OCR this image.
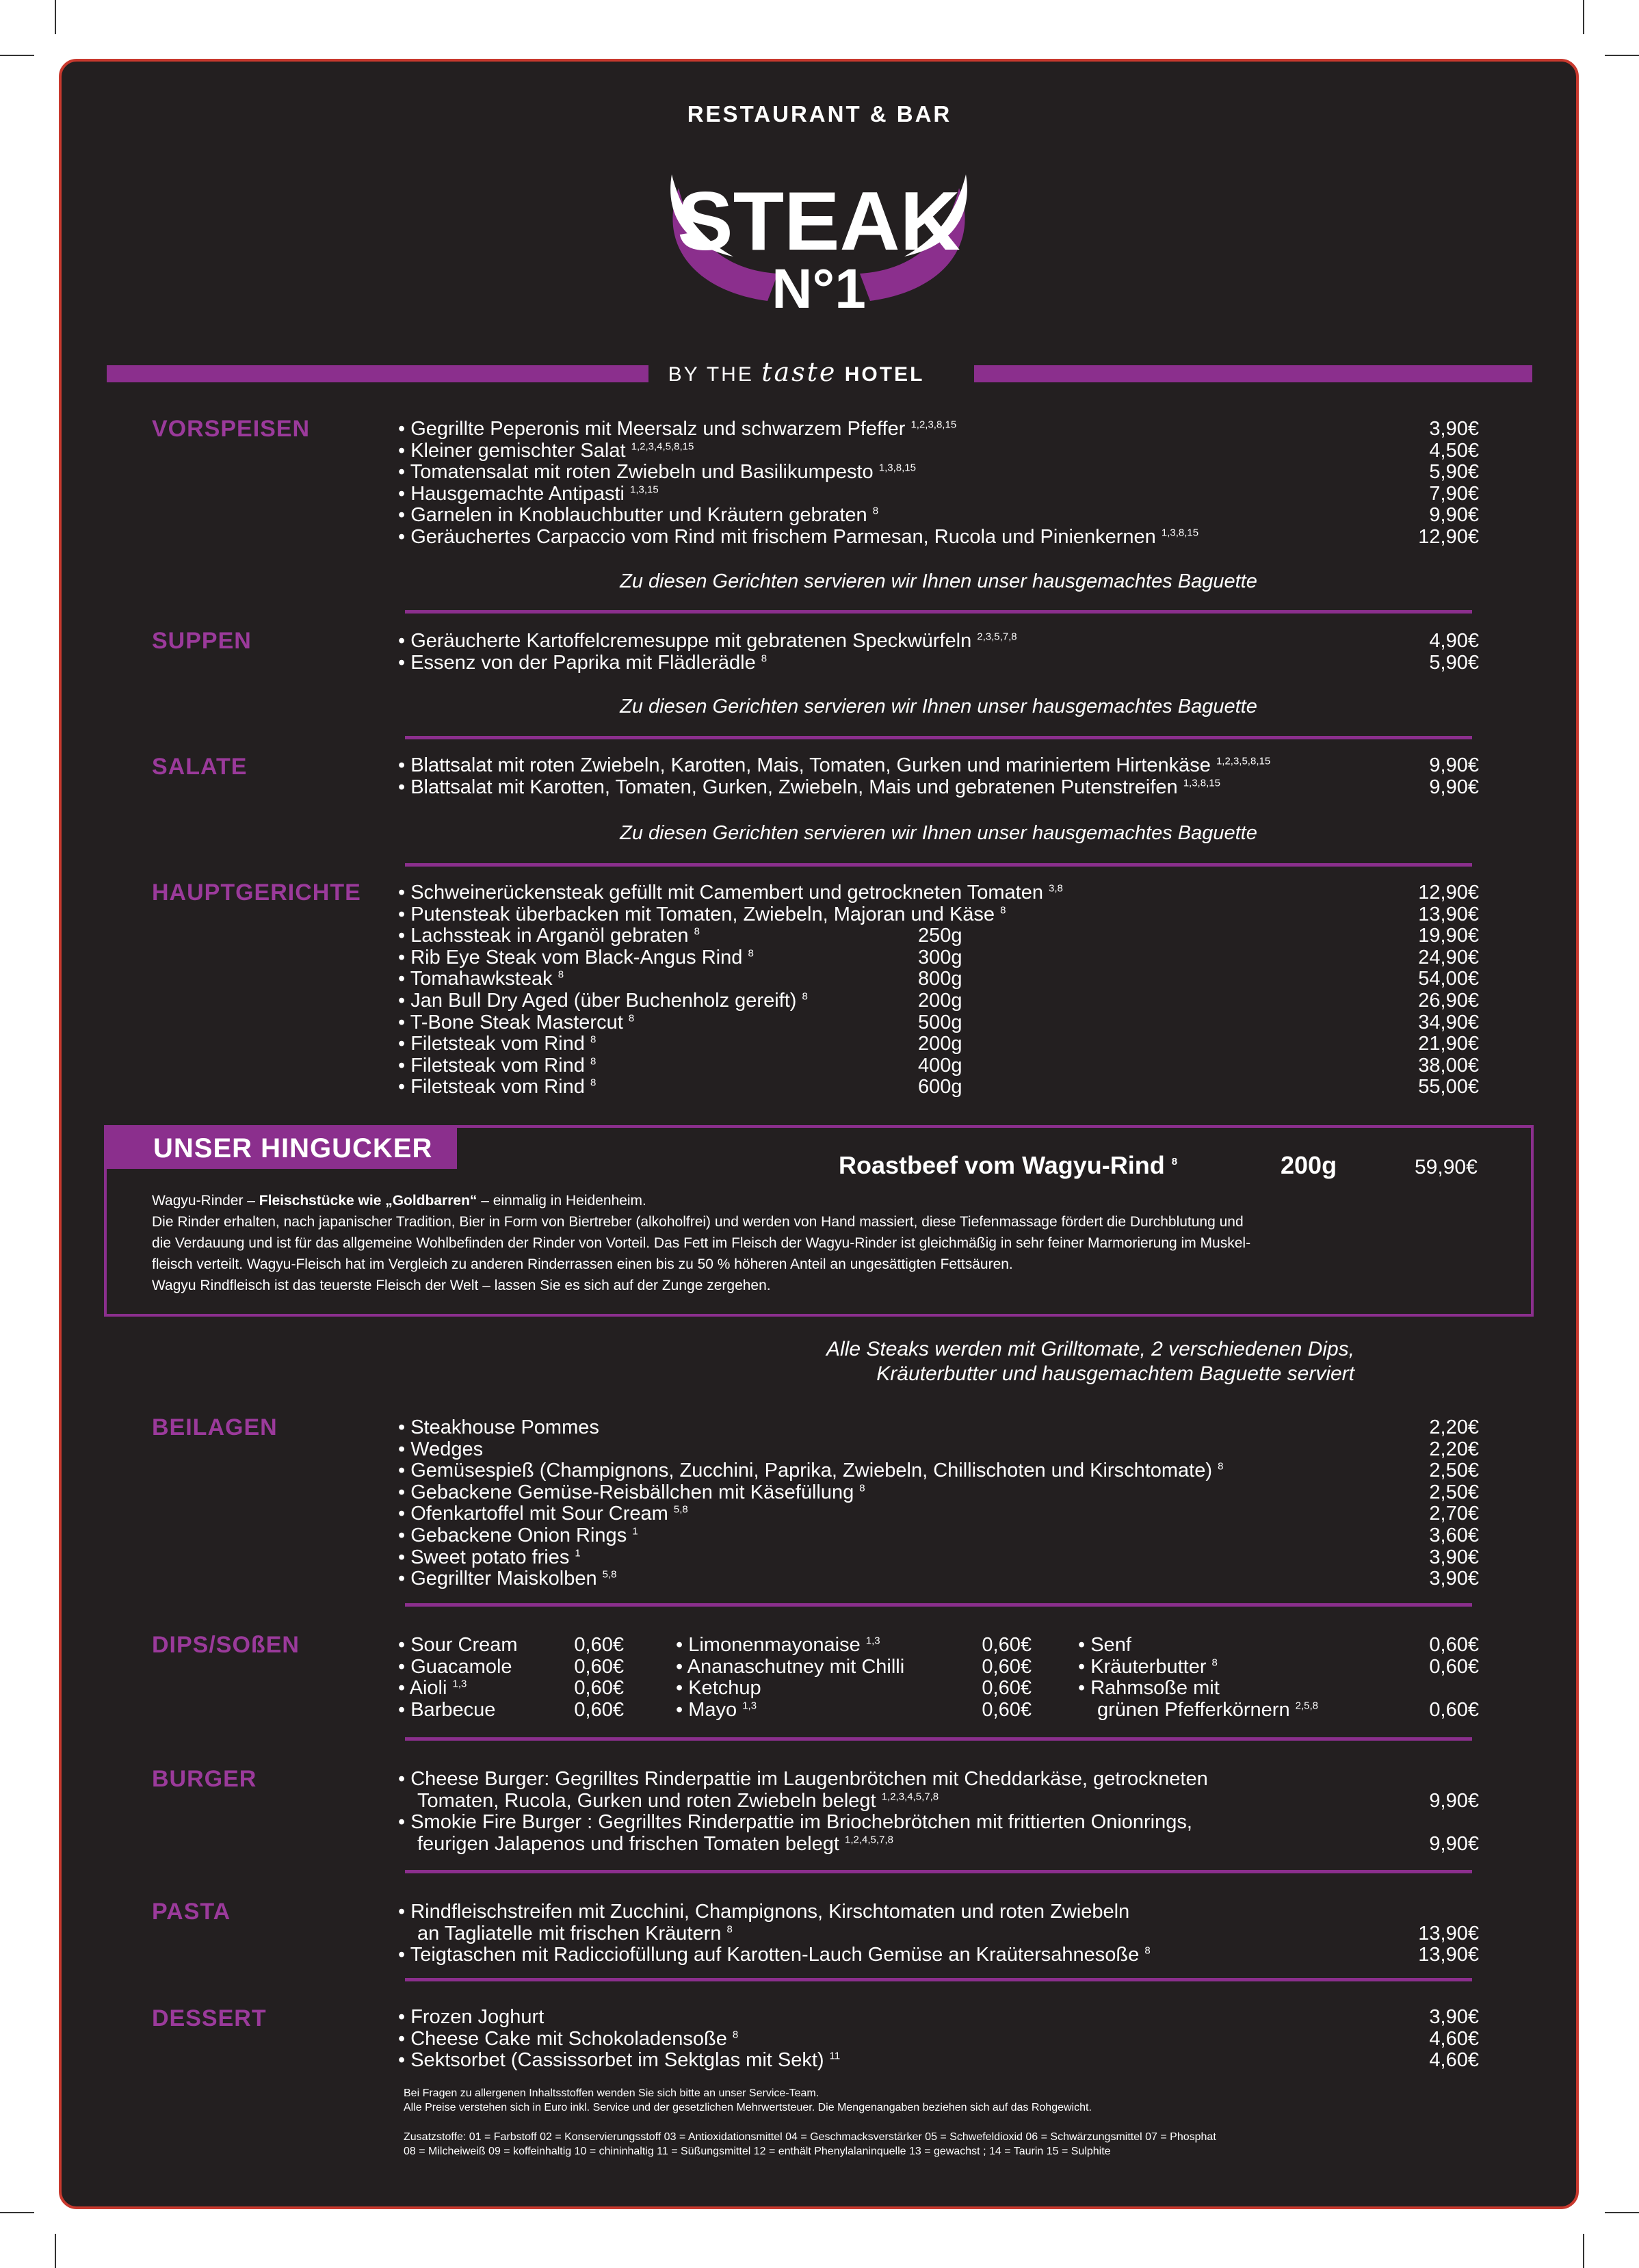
RESTAURANT & BAR
STEAK
N°1
BY THE taste HOTEL
VORSPEISEN	• Gegrillte Peperonis mit Meersalz und schwarzem Pfeffer $^{1,2,3,8,15}$	3,90€
• Kleiner gemischter Salat $^{1,2,3,4,5,8,15}$	4,50€
• Tomatensalat mit roten Zwiebeln und Basilikumpesto $^{1,3,8,15}$	5,90€
• Hausgemachte Antipasti $^{1,3,15}$	7,90€
• Garnelen in Knoblauchbutter und Kräutern gebraten $^8$	9,90€
• Geräuchertes Carpaccio vom Rind mit frischem Parmesan, Rucola und Pinienkernen $^{1,3,8,15}$	12,90€
Zu diesen Gerichten servieren wir Ihnen unser hausgemachtes Baguette
SUPPEN	• Geräucherte Kartoffelcremesuppe mit gebratenen Speckwürfeln $^{2,3,5,7,8}$	4,90€
• Essenz von der Paprika mit Flädlerädle $^8$	5,90€
Zu diesen Gerichten servieren wir Ihnen unser hausgemachtes Baguette
SALATE	• Blattsalat mit roten Zwiebeln, Karotten, Mais, Tomaten, Gurken und mariniertem Hirtenkäse $^{1,2,3,5,8,15}$	9,90€
• Blattsalat mit Karotten, Tomaten, Gurken, Zwiebeln, Mais und gebratenen Putenstreifen $^{1,3,8,15}$	9,90€
Zu diesen Gerichten servieren wir Ihnen unser hausgemachtes Baguette
HAUPTGERICHTE	• Schweinerückensteak gefüllt mit Camembert und getrockneten Tomaten $^{3,8}$	12,90€
• Putensteak überbacken mit Tomaten, Zwiebeln, Majoran und Käse $^8$	13,90€
• Lachssteak in Arganöl gebraten $^8$	250g	19,90€
• Rib Eye Steak vom Black-Angus Rind $^8$	300g	24,90€
• Tomahawksteak $^8$	800g	54,00€
• Jan Bull Dry Aged (über Buchenholz gereift) $^8$	200g	26,90€
• T-Bone Steak Mastercut $^8$	500g	34,90€
• Filetsteak vom Rind $^8$	200g	21,90€
• Filetsteak vom Rind $^8$	400g	38,00€
• Filetsteak vom Rind $^8$	600g	55,00€
UNSER HINGUCKER
Roastbeef vom Wagyu-Rind $^8$	200g	59,90€

Wagyu-Rinder – Fleischstücke wie „Goldbarren“ – einmalig in Heidenheim.

Die Rinder erhalten, nach japanischer Tradition, Bier in Form von Biertreber (alkoholfrei) und werden von Hand massiert, diese Tiefenmassage fördert die Durchblutung und

die Verdauung und ist für das allgemeine Wohlbefinden der Rinder von Vorteil. Das Fett im Fleisch der Wagyu-Rinder ist gleichmäßig in sehr feiner Marmorierung im Muskel-

fleisch verteilt. Wagyu-Fleisch hat im Vergleich zu anderen Rinderrassen einen bis zu 50 % höheren Anteil an ungesättigten Fettsäuren.

Wagyu Rindfleisch ist das teuerste Fleisch der Welt – lassen Sie es sich auf der Zunge zergehen.

Alle Steaks werden mit Grilltomate, 2 verschiedenen Dips,

Kräuterbutter und hausgemachtem Baguette serviert

BEILAGEN	• Steakhouse Pommes	2,20€
• Wedges	2,20€
• Gemüsespieß (Champignons, Zucchini, Paprika, Zwiebeln, Chillischoten und Kirschtomate) $^8$	2,50€
• Gebackene Gemüse-Reisbällchen mit Käsefüllung $^8$	2,50€
• Ofenkartoffel mit Sour Cream $^{5,8}$	2,70€
• Gebackene Onion Rings $^1$	3,60€
• Sweet potato fries $^1$	3,90€
• Gegrillter Maiskolben $^{5,8}$	3,90€
DIPS/SOßEN	• Sour Cream	0,60€
• Guacamole	0,60€
• Aioli $^{1,3}$	0,60€
• Barbecue	0,60€
• Limonenmayonaise $^{1,3}$	0,60€
• Ananaschutney mit Chilli	0,60€
• Ketchup	0,60€
• Mayo $^{1,3}$	0,60€
• Senf	0,60€
• Kräuterbutter $^8$	0,60€
• Rahmsoße mit
grünen Pfefferkörnern $^{2,5,8}$	0,60€
BURGER	• Cheese Burger: Gegrilltes Rinderpattie im Laugenbrötchen mit Cheddarkäse, getrockneten
Tomaten, Rucola, Gurken und roten Zwiebeln belegt $^{1,2,3,4,5,7,8}$	9,90€
• Smokie Fire Burger : Gegrilltes Rinderpattie im Briochebrötchen mit frittierten Onionrings,
feurigen Jalapenos und frischen Tomaten belegt $^{1,2,4,5,7,8}$	9,90€
PASTA	• Rindfleischstreifen mit Zucchini, Champignons, Kirschtomaten und roten Zwiebeln
an Tagliatelle mit frischen Kräutern $^8$	13,90€
• Teigtaschen mit Radicciofüllung auf Karotten-Lauch Gemüse an Kraütersahnesoße $^8$	13,90€
DESSERT	• Frozen Joghurt	3,90€
• Cheese Cake mit Schokoladensoße $^8$	4,60€
• Sektsorbet (Cassissorbet im Sektglas mit Sekt) $^{11}$	4,60€

Bei Fragen zu allergenen Inhaltsstoffen wenden Sie sich bitte an unser Service-Team.

Alle Preise verstehen sich in Euro inkl. Service und der gesetzlichen Mehrwertsteuer. Die Mengenangaben beziehen sich auf das Rohgewicht.

Zusatzstoffe: 01 = Farbstoff 02 = Konservierungsstoff 03 = Antioxidationsmittel 04 = Geschmacksverstärker 05 = Schwefeldioxid 06 = Schwärzungsmittel 07 = Phosphat

08 = Milcheiweiß 09 = koffeinhaltig 10 = chininhaltig 11 = Süßungsmittel 12 = enthält Phenylalaninquelle 13 = gewachst ; 14 = Taurin 15 = Sulphite
